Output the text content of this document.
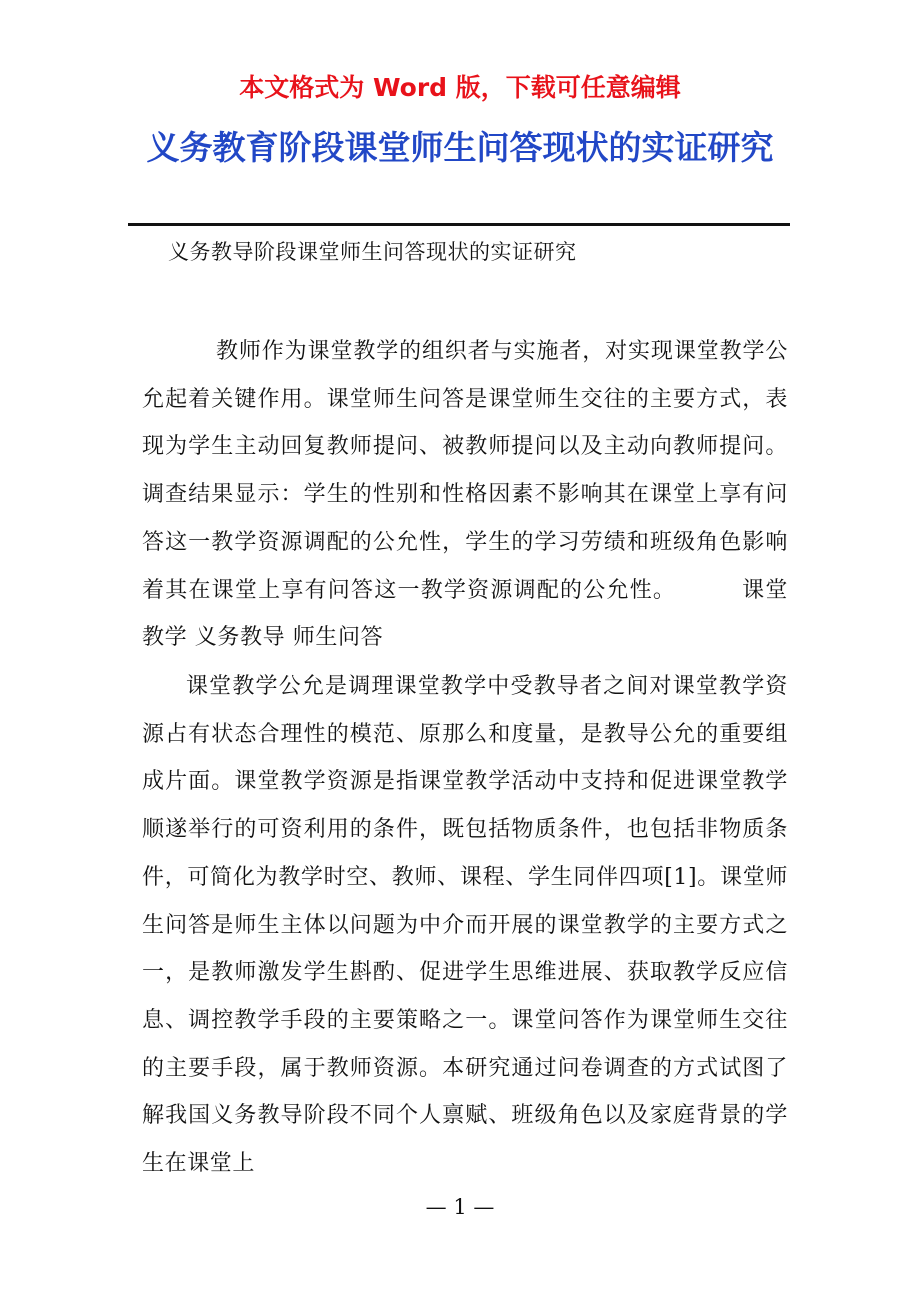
本文格式为 Word 版，下载可任意编辑
义务教育阶段课堂师生问答现状的实证研究
义务教导阶段课堂师生问答现状的实证研究
教师作为课堂教学的组织者与实施者，对实现课堂教学公允起着关键作用。课堂师生问答是课堂师生交往的主要方式，表现为学生主动回复教师提问、被教师提问以及主动向教师提问。调查结果显示：学生的性别和性格因素不影响其在课堂上享有问答这一教学资源调配的公允性，学生的学习劳绩和班级角色影响着其在课堂上享有问答这一教学资源调配的公允性。	课堂教学 义务教导 师生问答
课堂教学公允是调理课堂教学中受教导者之间对课堂教学资源占有状态合理性的模范、原那么和度量，是教导公允的重要组成片面。课堂教学资源是指课堂教学活动中支持和促进课堂教学顺遂举行的可资利用的条件，既包括物质条件，也包括非物质条件，可简化为教学时空、教师、课程、学生同伴四项[1]。课堂师生问答是师生主体以问题为中介而开展的课堂教学的主要方式之一，是教师激发学生斟酌、促进学生思维进展、获取教学反应信息、调控教学手段的主要策略之一。课堂问答作为课堂师生交往的主要手段，属于教师资源。本研究通过问卷调查的方式试图了解我国义务教导阶段不同个人禀赋、班级角色以及家庭背景的学生在课堂上
— 1 —
